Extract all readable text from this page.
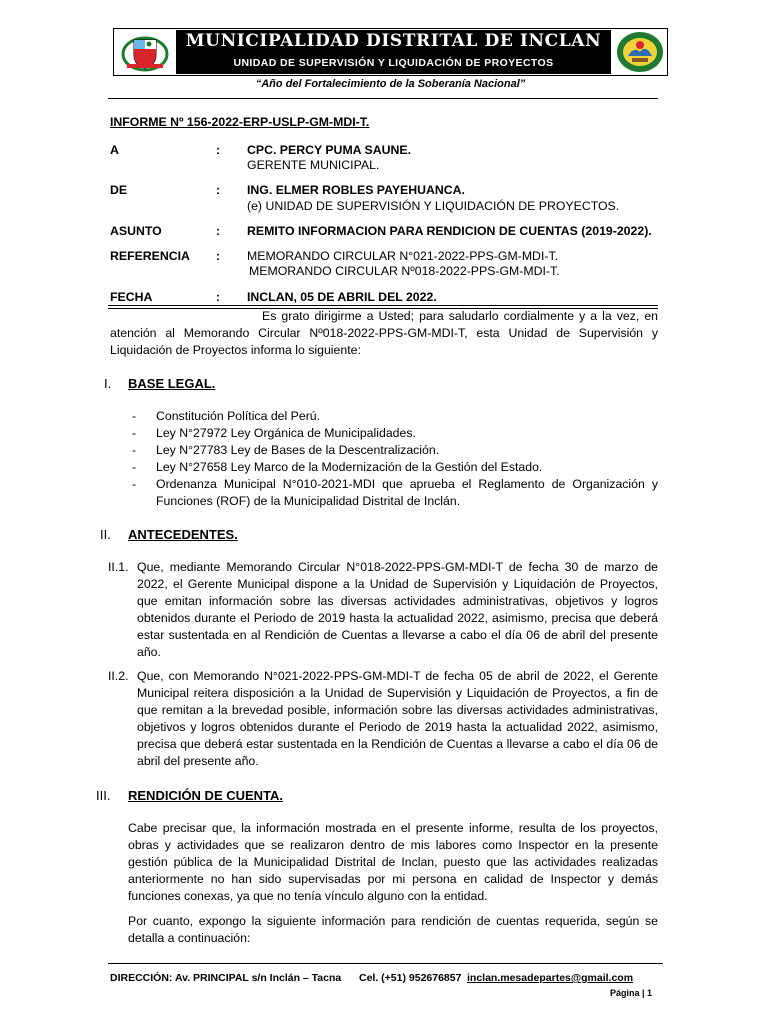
MUNICIPALIDAD DISTRITAL DE INCLAN
UNIDAD DE SUPERVISIÓN Y LIQUIDACIÓN DE PROYECTOS
“Año del Fortalecimiento de la Soberanía Nacional”
INFORME Nº 156-2022-ERP-USLP-GM-MDI-T.
A	: CPC. PERCY PUMA SAUNE.
GERENTE MUNICIPAL.
DE	: ING. ELMER ROBLES PAYEHUANCA.
(e) UNIDAD DE SUPERVISIÓN Y LIQUIDACIÓN DE PROYECTOS.
ASUNTO	: REMITO INFORMACION PARA RENDICION DE CUENTAS (2019-2022).
REFERENCIA : MEMORANDO CIRCULAR N°021-2022-PPS-GM-MDI-T.
MEMORANDO CIRCULAR Nº018-2022-PPS-GM-MDI-T.
FECHA	: INCLAN, 05 DE ABRIL DEL 2022.
Es grato dirigirme a Usted; para saludarlo cordialmente y a la vez, en atención al Memorando Circular Nº018-2022-PPS-GM-MDI-T, esta Unidad de Supervisión y Liquidación de Proyectos informa lo siguiente:
I. BASE LEGAL.
- Constitución Política del Perú.
- Ley N°27972 Ley Orgánica de Municipalidades.
- Ley N°27783 Ley de Bases de la Descentralización.
- Ley N°27658 Ley Marco de la Modernización de la Gestión del Estado.
- Ordenanza Municipal N°010-2021-MDI que aprueba el Reglamento de Organización y Funciones (ROF) de la Municipalidad Distrital de Inclán.
II. ANTECEDENTES.
II.1. Que, mediante Memorando Circular N°018-2022-PPS-GM-MDI-T de fecha 30 de marzo de 2022, el Gerente Municipal dispone a la Unidad de Supervisión y Liquidación de Proyectos, que emitan información sobre las diversas actividades administrativas, objetivos y logros obtenidos durante el Periodo de 2019 hasta la actualidad 2022, asimismo, precisa que deberá estar sustentada en al Rendición de Cuentas a llevarse a cabo el día 06 de abril del presente año.
II.2. Que, con Memorando N°021-2022-PPS-GM-MDI-T de fecha 05 de abril de 2022, el Gerente Municipal reitera disposición a la Unidad de Supervisión y Liquidación de Proyectos, a fin de que remitan a la brevedad posible, información sobre las diversas actividades administrativas, objetivos y logros obtenidos durante el Periodo de 2019 hasta la actualidad 2022, asimismo, precisa que deberá estar sustentada en la Rendición de Cuentas a llevarse a cabo el día 06 de abril del presente año.
III. RENDICIÓN DE CUENTA.
Cabe precisar que, la información mostrada en el presente informe, resulta de los proyectos, obras y actividades que se realizaron dentro de mis labores como Inspector en la presente gestión pública de la Municipalidad Distrital de Inclan, puesto que las actividades realizadas anteriormente no han sido supervisadas por mi persona en calidad de Inspector y demás funciones conexas, ya que no tenía vínculo alguno con la entidad.
Por cuanto, expongo la siguiente información para rendición de cuentas requerida, según se detalla a continuación:
DIRECCIÓN: Av. PRINCIPAL s/n Inclán – Tacna Cel. (+51) 952676857 inclan.mesadepartes@gmail.com
Página | 1
